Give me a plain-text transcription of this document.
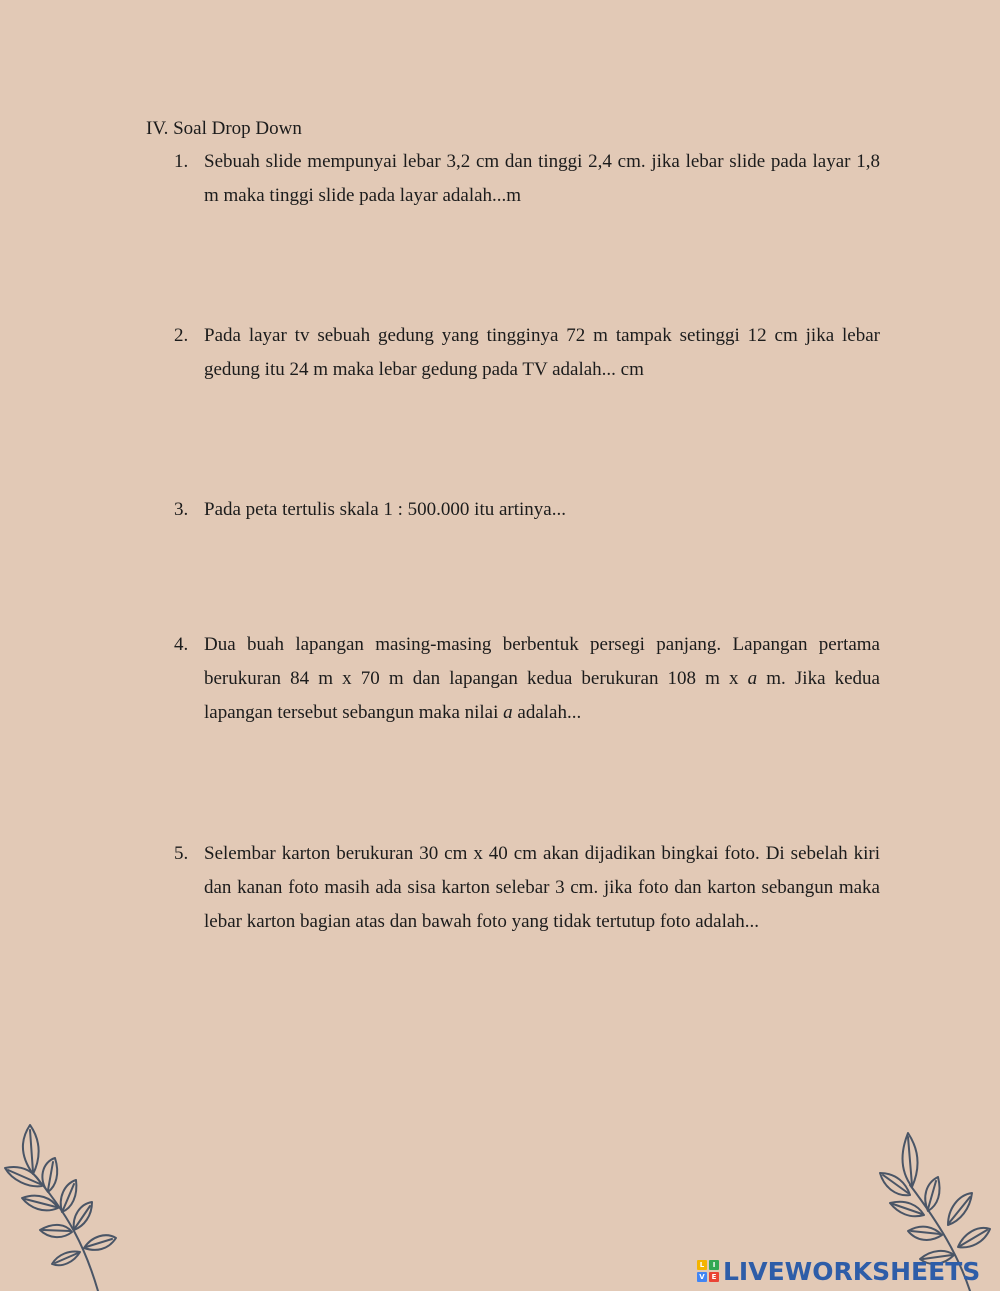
IV. Soal Drop Down
1. Sebuah slide mempunyai lebar 3,2 cm dan tinggi 2,4 cm. jika lebar slide pada layar 1,8 m maka tinggi slide pada layar adalah...m
2. Pada layar tv sebuah gedung yang tingginya 72 m tampak setinggi 12 cm jika lebar gedung itu 24 m maka lebar gedung pada TV adalah... cm
3. Pada peta tertulis skala 1 : 500.000 itu artinya...
4. Dua buah lapangan masing-masing berbentuk persegi panjang. Lapangan pertama berukuran 84 m x 70 m dan lapangan kedua berukuran 108 m x a m. Jika kedua lapangan tersebut sebangun maka nilai a adalah...
5. Selembar karton berukuran 30 cm x 40 cm akan dijadikan bingkai foto. Di sebelah kiri dan kanan foto masih ada sisa karton selebar 3 cm. jika foto dan karton sebangun maka lebar karton bagian atas dan bawah foto yang tidak tertutup foto adalah...
L	I
V E LIVEWORKSHEETS
